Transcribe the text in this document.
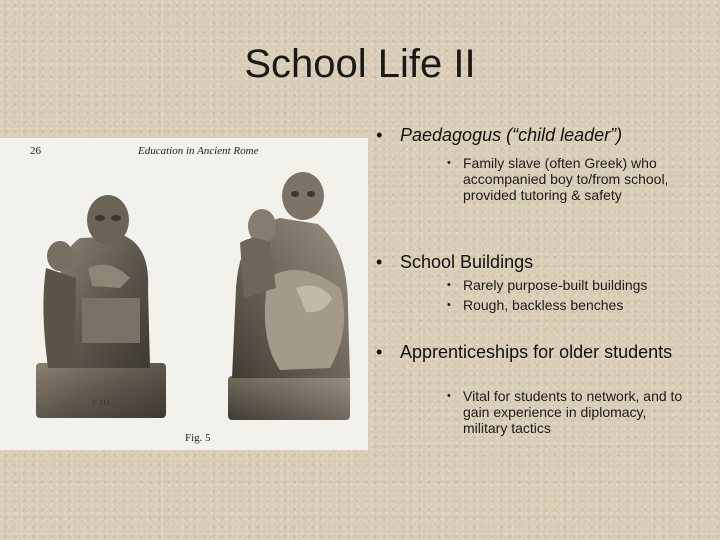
School Life II
26	Education in Ancient Rome
C 214
Fig. 5
• Paedagogus (“child leader”)
• Family slave (often Greek) who accompanied boy to/from school, provided tutoring & safety
• School Buildings
• Rarely purpose-built buildings
• Rough, backless benches
• Apprenticeships for older students
• Vital for students to network, and to gain experience in diplomacy, military tactics
